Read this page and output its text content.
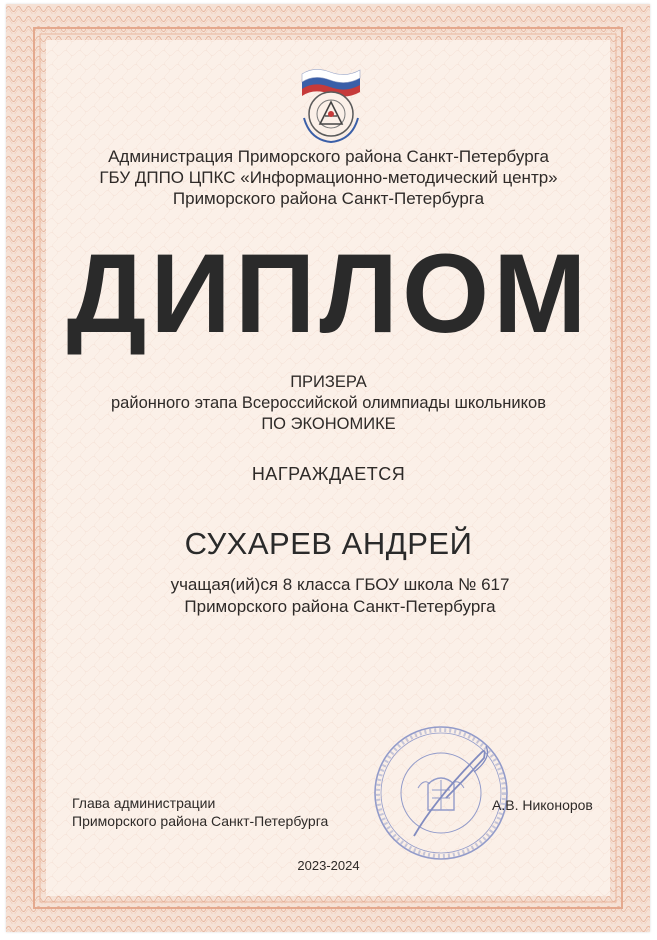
Администрация Приморского района Санкт-Петербурга
ГБУ ДППО ЦПКС «Информационно-методический центр»
Приморского района Санкт-Петербурга
ДИПЛОМ
ПРИЗЕРА
районного этапа Всероссийской олимпиады школьников
ПО ЭКОНОМИКЕ
НАГРАЖДАЕТСЯ
СУХАРЕВ АНДРЕЙ
учащая(ий)ся 8 класса ГБОУ школа № 617
Приморского района Санкт-Петербурга
Глава администрации
Приморского района Санкт-Петербурга
А.В. Никоноров
2023-2024
